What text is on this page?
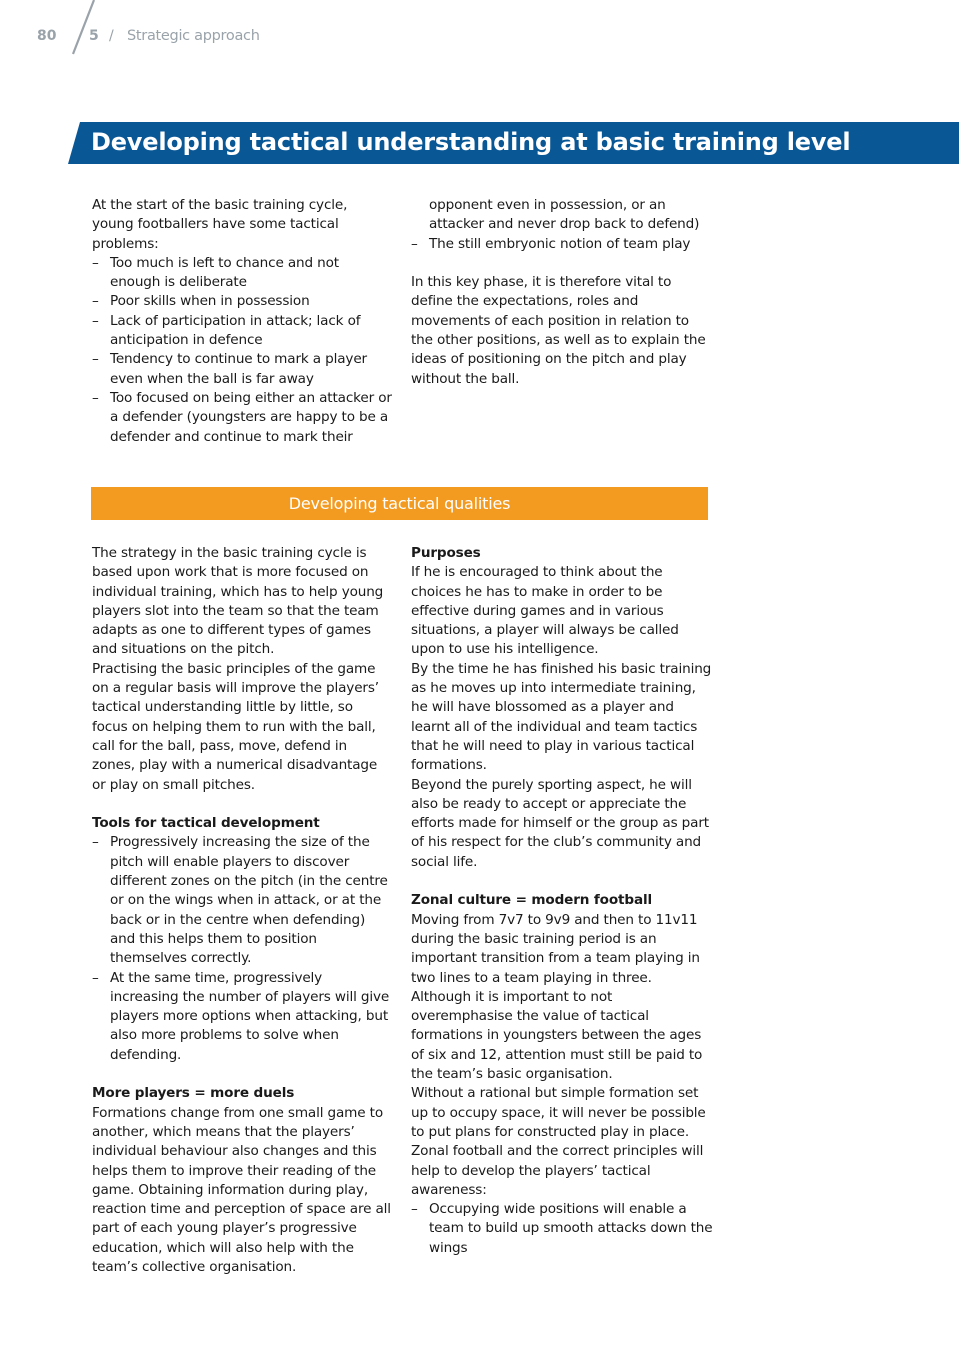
80 5 / Strategic approach
Developing tactical understanding at basic training level

At the start of the basic training cycle, young footballers have some tactical problems:

– Too much is left to chance and not enough is deliberate
– Poor skills when in possession
– Lack of participation in attack; lack of anticipation in defence
– Tendency to continue to mark a player even when the ball is far away
– Too focused on being either an attacker or a defender (youngsters are happy to be a defender and continue to mark their
opponent even in possession, or an attacker and never drop back to defend)
– The still embryonic notion of team play

In this key phase, it is therefore vital to define the expectations, roles and movements of each position in relation to the other positions, as well as to explain the ideas of positioning on the pitch and play without the ball.

Developing tactical qualities

The strategy in the basic training cycle is based upon work that is more focused on individual training, which has to help young players slot into the team so that the team adapts as one to different types of games and situations on the pitch.

Practising the basic principles of the game on a regular basis will improve the players’ tactical understanding little by little, so focus on helping them to run with the ball, call for the ball, pass, move, defend in zones, play with a numerical disadvantage or play on small pitches.

Tools for tactical development

– Progressively increasing the size of the pitch will enable players to discover different zones on the pitch (in the centre or on the wings when in attack, or at the back or in the centre when defending) and this helps them to position themselves correctly.
– At the same time, progressively increasing the number of players will give players more options when attacking, but also more problems to solve when defending.

More players = more duels

Formations change from one small game to another, which means that the players’ individual behaviour also changes and this helps them to improve their reading of the game. Obtaining information during play, reaction time and perception of space are all part of each young player’s progressive education, which will also help with the team’s collective organisation.

Purposes

If he is encouraged to think about the choices he has to make in order to be effective during games and in various situations, a player will always be called upon to use his intelligence.

By the time he has finished his basic training as he moves up into intermediate training, he will have blossomed as a player and learnt all of the individual and team tactics that he will need to play in various tactical formations.

Beyond the purely sporting aspect, he will also be ready to accept or appreciate the efforts made for himself or the group as part of his respect for the club’s community and social life.

Zonal culture = modern football

Moving from 7v7 to 9v9 and then to 11v11 during the basic training period is an important transition from a team playing in two lines to a team playing in three.

Although it is important to not overemphasise the value of tactical formations in youngsters between the ages of six and 12, attention must still be paid to the team’s basic organisation.

Without a rational but simple formation set up to occupy space, it will never be possible to put plans for constructed play in place.

Zonal football and the correct principles will help to develop the players’ tactical awareness:

– Occupying wide positions will enable a team to build up smooth attacks down the wings
